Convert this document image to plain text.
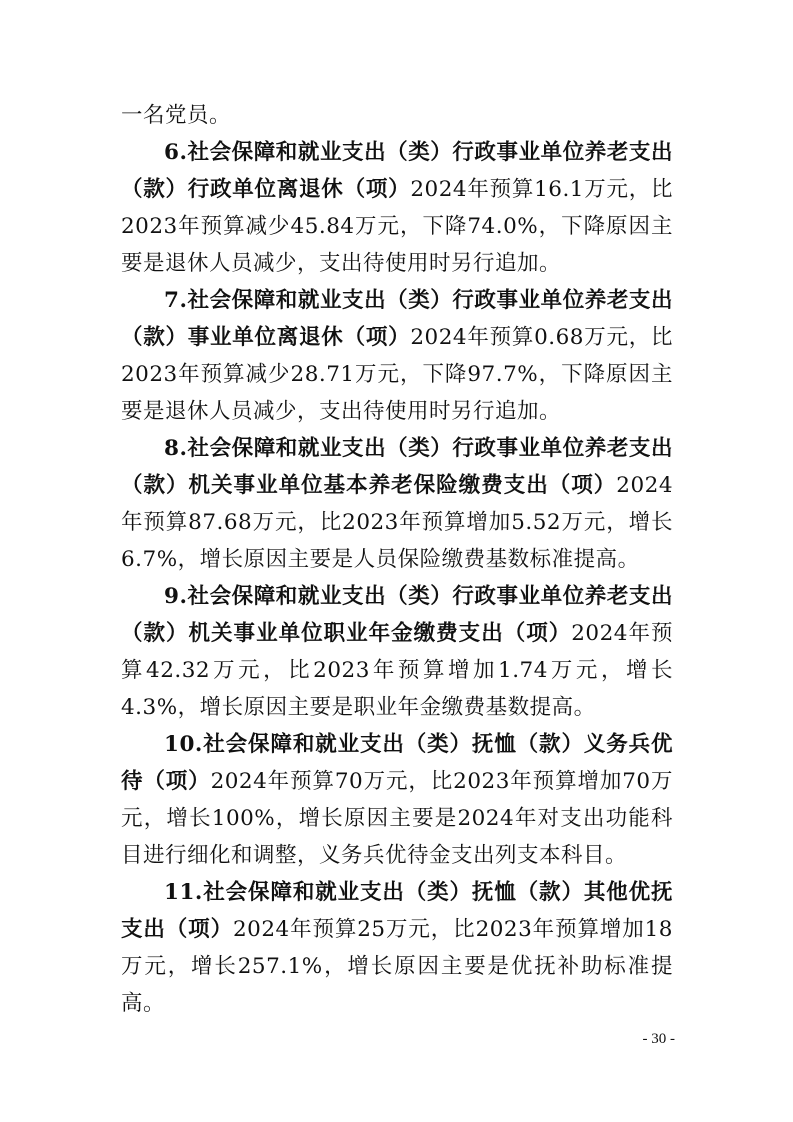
一名党员。

6.社会保障和就业支出（类）行政事业单位养老支出（款）行政单位离退休（项）2024年预算16.1万元，比2023年预算减少45.84万元，下降74.0%，下降原因主要是退休人员减少，支出待使用时另行追加。

7.社会保障和就业支出（类）行政事业单位养老支出（款）事业单位离退休（项）2024年预算0.68万元，比2023年预算减少28.71万元，下降97.7%，下降原因主要是退休人员减少，支出待使用时另行追加。

8.社会保障和就业支出（类）行政事业单位养老支出（款）机关事业单位基本养老保险缴费支出（项）2024年预算87.68万元，比2023年预算增加5.52万元，增长6.7%，增长原因主要是人员保险缴费基数标准提高。

9.社会保障和就业支出（类）行政事业单位养老支出（款）机关事业单位职业年金缴费支出（项）2024年预算42.32万元，比2023年预算增加1.74万元，增长4.3%，增长原因主要是职业年金缴费基数提高。

10.社会保障和就业支出（类）抚恤（款）义务兵优待（项）2024年预算70万元，比2023年预算增加70万元，增长100%，增长原因主要是2024年对支出功能科目进行细化和调整，义务兵优待金支出列支本科目。

11.社会保障和就业支出（类）抚恤（款）其他优抚支出（项）2024年预算25万元，比2023年预算增加18万元，增长257.1%，增长原因主要是优抚补助标准提高。

- 30 -
